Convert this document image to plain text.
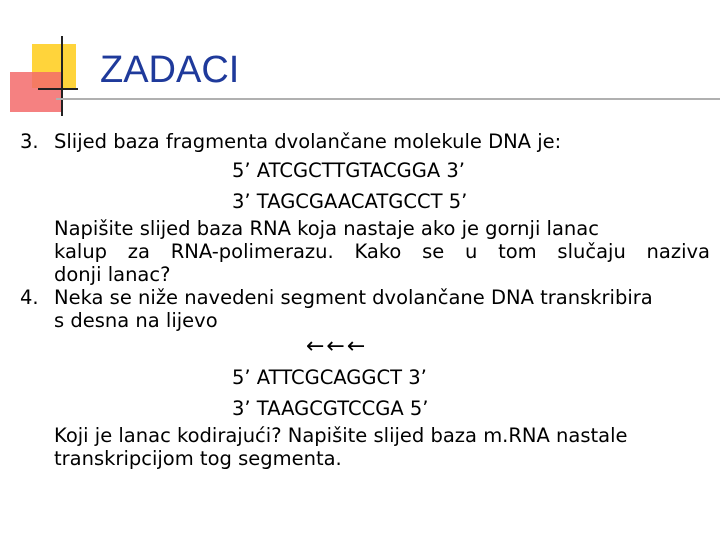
ZADACI
3. Slijed baza fragmenta dvolančane molekule DNA je:
5’ ATCGCTTGTACGGA 3’
3’ TAGCGAACATGCCT 5’
Napišite slijed baza RNA koja nastaje ako je gornji lanac
kalup za RNA-polimerazu. Kako se u tom slučaju naziva
donji lanac?
4. Neka se niže navedeni segment dvolančane DNA transkribira
s desna na lijevo
←←←
5’ ATTCGCAGGCT 3’
3’ TAAGCGTCCGA 5’
Koji je lanac kodirajući? Napišite slijed baza m.RNA nastale
transkripcijom tog segmenta.
